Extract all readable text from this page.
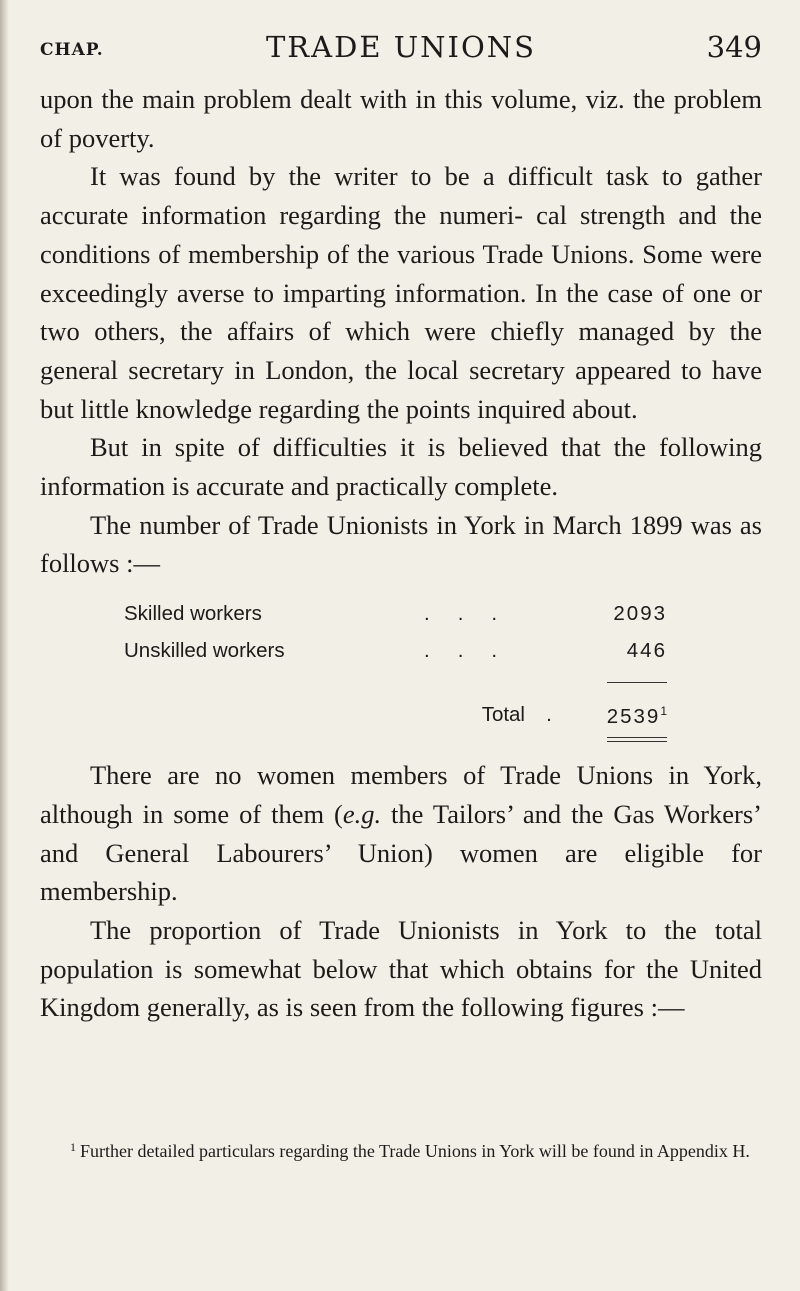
CHAP.	TRADE UNIONS	349

upon the main problem dealt with in this volume, viz. the problem of poverty.

It was found by the writer to be a difficult task to gather accurate information regarding the numeri- cal strength and the conditions of membership of the various Trade Unions. Some were exceedingly averse to imparting information. In the case of one or two others, the affairs of which were chiefly managed by the general secretary in London, the local secretary appeared to have but little knowledge regarding the points inquired about.

But in spite of difficulties it is believed that the following information is accurate and practically complete.

The number of Trade Unionists in York in March 1899 was as follows :—

Skilled workers	...	2093
Unskilled workers	...	446
Total	.	2539$^1$

There are no women members of Trade Unions in York, although in some of them (e.g. the Tailors’ and the Gas Workers’ and General Labourers’ Union) women are eligible for membership.

The proportion of Trade Unionists in York to the total population is somewhat below that which obtains for the United Kingdom generally, as is seen from the following figures :—

$^1$ Further detailed particulars regarding the Trade Unions in York will be found in Appendix H.
